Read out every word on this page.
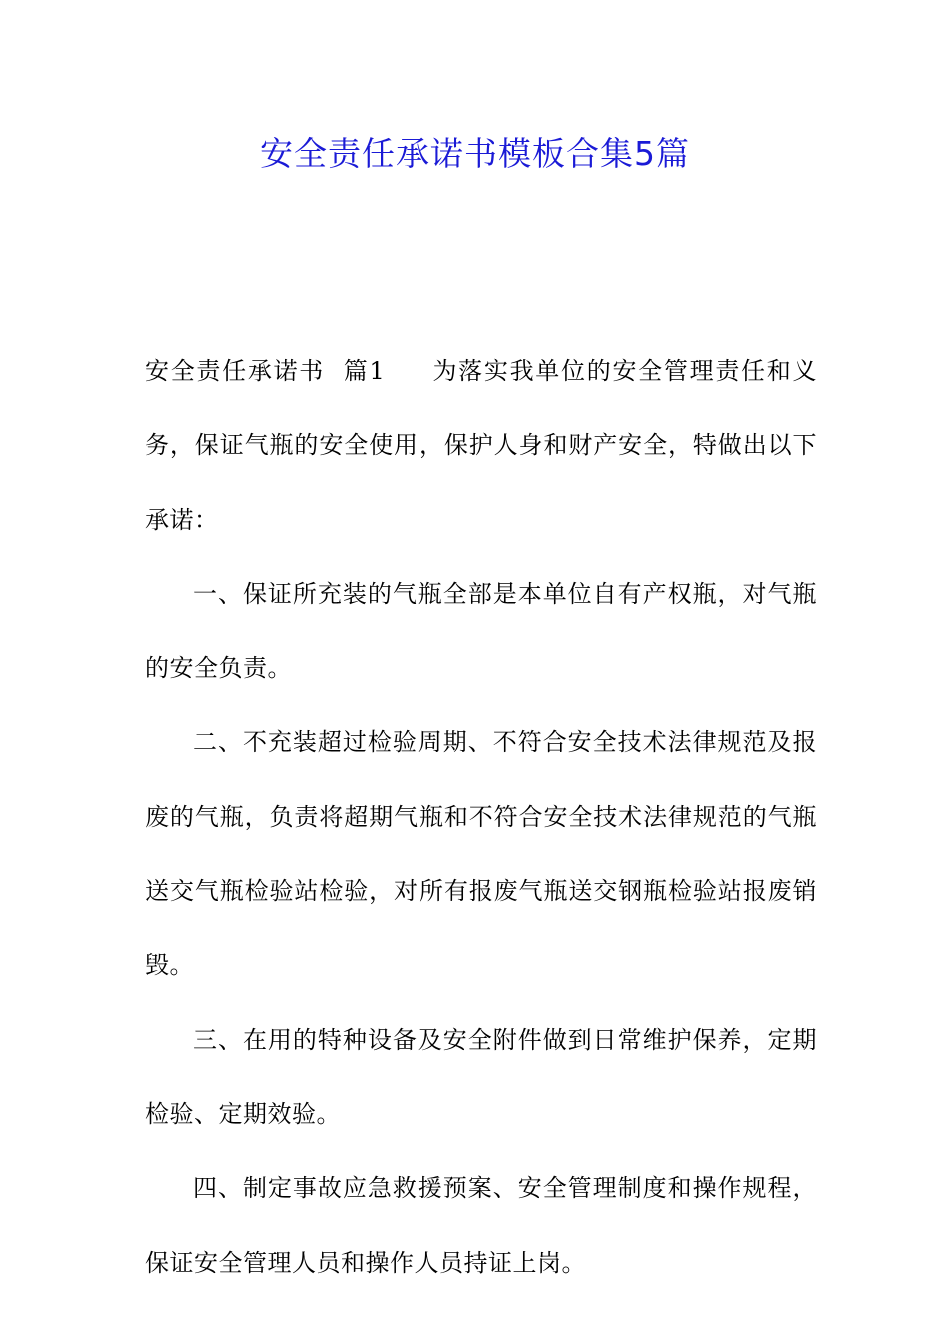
安全责任承诺书模板合集5篇

安全责任承诺书  篇1 为落实我单位的安全管理责任和义务，保证气瓶的安全使用，保护人身和财产安全，特做出以下承诺：

一、保证所充装的气瓶全部是本单位自有产权瓶，对气瓶的安全负责。

二、不充装超过检验周期、不符合安全技术法律规范及报废的气瓶，负责将超期气瓶和不符合安全技术法律规范的气瓶送交气瓶检验站检验，对所有报废气瓶送交钢瓶检验站报废销毁。

三、在用的特种设备及安全附件做到日常维护保养，定期检验、定期效验。

四、制定事故应急救援预案、安全管理制度和操作规程，保证安全管理人员和操作人员持证上岗。
